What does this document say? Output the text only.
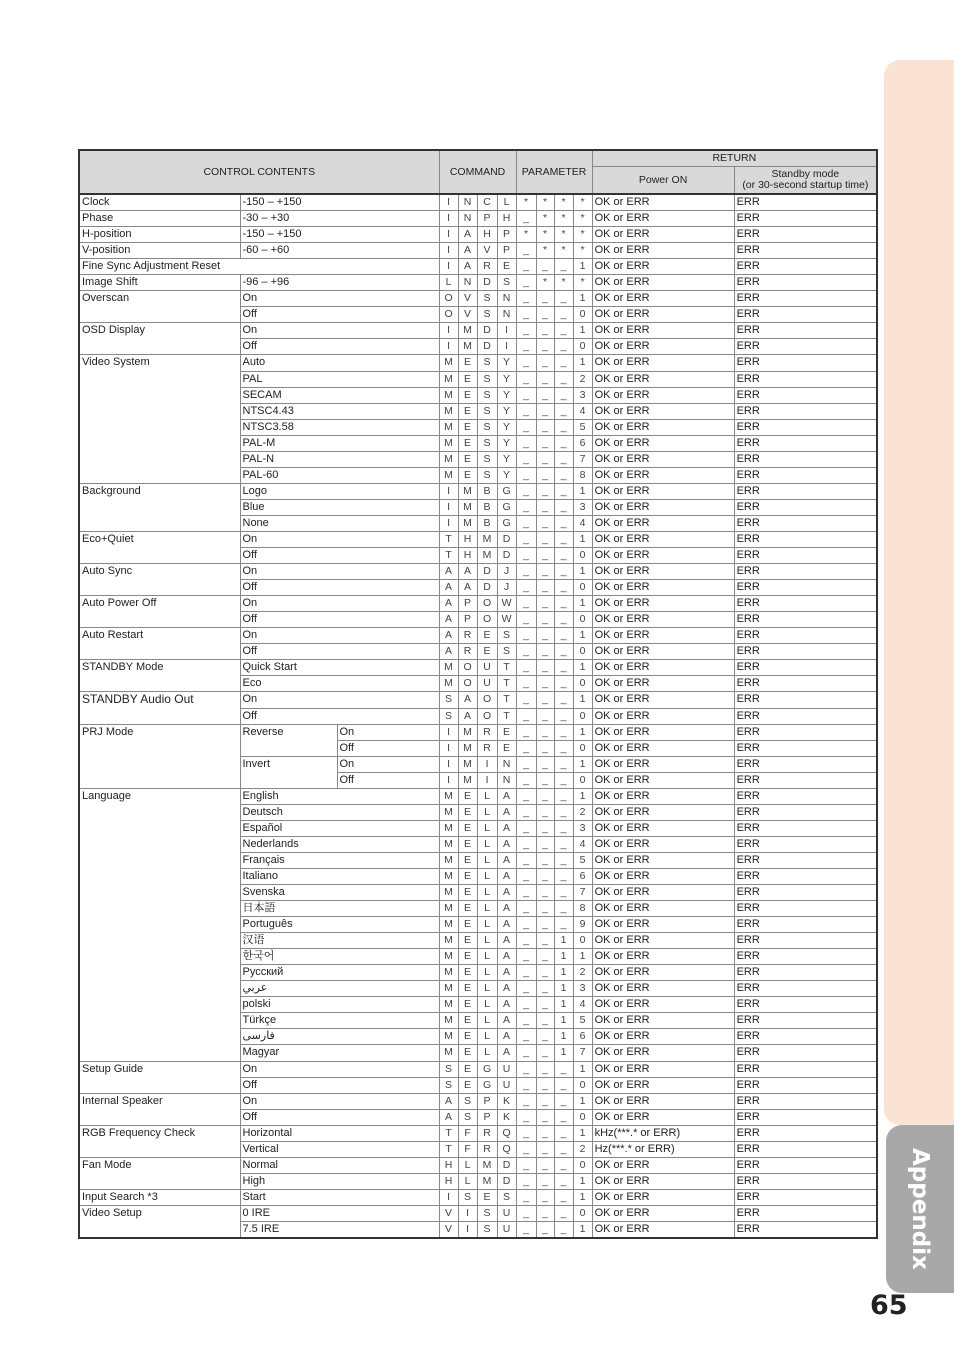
Appendix
65
CONTROL CONTENTS			COMMAND				PARAMETER				RETURN	
											Power ON	Standby mode
(or 30-second startup time)

Clock	-150 – +150		I	N	C	L	*	*	*	*	OK or ERR	ERR
Phase	-30 – +30		I	N	P	H	_	*	*	*	OK or ERR	ERR
H-position	-150 – +150		I	A	H	P	*	*	*	*	OK or ERR	ERR
V-position	-60 – +60		I	A	V	P	_	*	*	*	OK or ERR	ERR
Fine Sync Adjustment Reset			I	A	R	E	_	_	_	1	OK or ERR	ERR
Image Shift	-96 – +96		L	N	D	S	_	*	*	*	OK or ERR	ERR
Overscan	On		O	V	S	N	_	_	_	1	OK or ERR	ERR
	Off		O	V	S	N	_	_	_	0	OK or ERR	ERR
OSD Display	On		I	M	D	I	_	_	_	1	OK or ERR	ERR
	Off		I	M	D	I	_	_	_	0	OK or ERR	ERR
Video System	Auto		M	E	S	Y	_	_	_	1	OK or ERR	ERR
	PAL		M	E	S	Y	_	_	_	2	OK or ERR	ERR
	SECAM		M	E	S	Y	_	_	_	3	OK or ERR	ERR
	NTSC4.43		M	E	S	Y	_	_	_	4	OK or ERR	ERR
	NTSC3.58		M	E	S	Y	_	_	_	5	OK or ERR	ERR
	PAL-M		M	E	S	Y	_	_	_	6	OK or ERR	ERR
	PAL-N		M	E	S	Y	_	_	_	7	OK or ERR	ERR
	PAL-60		M	E	S	Y	_	_	_	8	OK or ERR	ERR
Background	Logo		I	M	B	G	_	_	_	1	OK or ERR	ERR
	Blue		I	M	B	G	_	_	_	3	OK or ERR	ERR
	None		I	M	B	G	_	_	_	4	OK or ERR	ERR
Eco+Quiet	On		T	H	M	D	_	_	_	1	OK or ERR	ERR
	Off		T	H	M	D	_	_	_	0	OK or ERR	ERR
Auto Sync	On		A	A	D	J	_	_	_	1	OK or ERR	ERR
	Off		A	A	D	J	_	_	_	0	OK or ERR	ERR
Auto Power Off	On		A	P	O	W	_	_	_	1	OK or ERR	ERR
	Off		A	P	O	W	_	_	_	0	OK or ERR	ERR
Auto Restart	On		A	R	E	S	_	_	_	1	OK or ERR	ERR
	Off		A	R	E	S	_	_	_	0	OK or ERR	ERR
STANDBY Mode	Quick Start		M	O	U	T	_	_	_	1	OK or ERR	ERR
	Eco		M	O	U	T	_	_	_	0	OK or ERR	ERR
STANDBY Audio Out	On		S	A	O	T	_	_	_	1	OK or ERR	ERR
	Off		S	A	O	T	_	_	_	0	OK or ERR	ERR
PRJ Mode	Reverse	On	I	M	R	E	_	_	_	1	OK or ERR	ERR
		Off	I	M	R	E	_	_	_	0	OK or ERR	ERR
	Invert	On	I	M	I	N	_	_	_	1	OK or ERR	ERR
		Off	I	M	I	N	_	_	_	0	OK or ERR	ERR
Language	English		M	E	L	A	_	_	_	1	OK or ERR	ERR
	Deutsch		M	E	L	A	_	_	_	2	OK or ERR	ERR
	Español		M	E	L	A	_	_	_	3	OK or ERR	ERR
	Nederlands		M	E	L	A	_	_	_	4	OK or ERR	ERR
	Français		M	E	L	A	_	_	_	5	OK or ERR	ERR
	Italiano		M	E	L	A	_	_	_	6	OK or ERR	ERR
	Svenska		M	E	L	A	_	_	_	7	OK or ERR	ERR
	日本語		M	E	L	A	_	_	_	8	OK or ERR	ERR
	Português		M	E	L	A	_	_	_	9	OK or ERR	ERR
	汉语		M	E	L	A	_	_	1	0	OK or ERR	ERR
	한국어		M	E	L	A	_	_	1	1	OK or ERR	ERR
	Русский		M	E	L	A	_	_	1	2	OK or ERR	ERR
	عربي		M	E	L	A	_	_	1	3	OK or ERR	ERR
	polski		M	E	L	A	_	_	1	4	OK or ERR	ERR
	Türkçe		M	E	L	A	_	_	1	5	OK or ERR	ERR
	فارسی		M	E	L	A	_	_	1	6	OK or ERR	ERR
	Magyar		M	E	L	A	_	_	1	7	OK or ERR	ERR
Setup Guide	On		S	E	G	U	_	_	_	1	OK or ERR	ERR
	Off		S	E	G	U	_	_	_	0	OK or ERR	ERR
Internal Speaker	On		A	S	P	K	_	_	_	1	OK or ERR	ERR
	Off		A	S	P	K	_	_	_	0	OK or ERR	ERR
RGB Frequency Check	Horizontal		T	F	R	Q	_	_	_	1	kHz(***.* or ERR)	ERR
	Vertical		T	F	R	Q	_	_	_	2	Hz(***.* or ERR)	ERR
Fan Mode	Normal		H	L	M	D	_	_	_	0	OK or ERR	ERR
	High		H	L	M	D	_	_	_	1	OK or ERR	ERR
Input Search *3	Start		I	S	E	S	_	_	_	1	OK or ERR	ERR
Video Setup	0 IRE		V	I	S	U	_	_	_	0	OK or ERR	ERR
	7.5 IRE		V	I	S	U	_	_	_	1	OK or ERR	ERR
